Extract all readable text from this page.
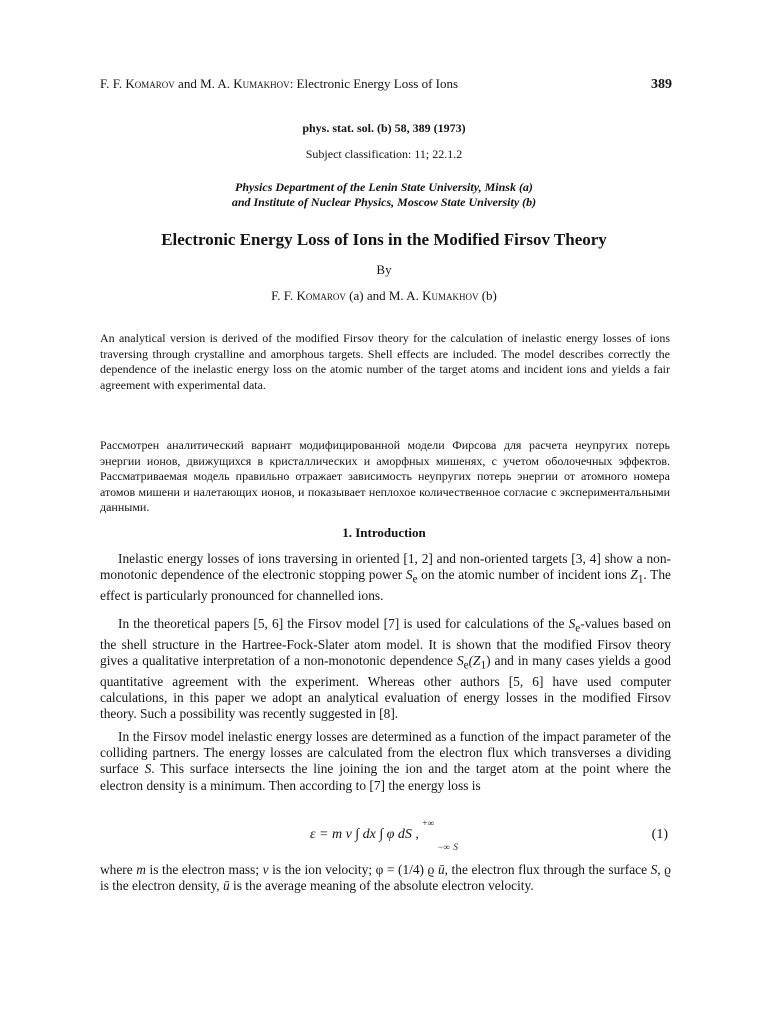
F. F. Komarov and M. A. Kumakhov: Electronic Energy Loss of Ions	389
phys. stat. sol. (b) 58, 389 (1973)
Subject classification: 11; 22.1.2
Physics Department of the Lenin State University, Minsk (a)
and Institute of Nuclear Physics, Moscow State University (b)
Electronic Energy Loss of Ions in the Modified Firsov Theory
By
F. F. Komarov (a) and M. A. Kumakhov (b)

An analytical version is derived of the modified Firsov theory for the calculation of inelastic energy losses of ions traversing through crystalline and amorphous targets. Shell effects are included. The model describes correctly the dependence of the inelastic energy loss on the atomic number of the target atoms and incident ions and yields a fair agreement with experimental data.

Рассмотрен аналитический вариант модифицированной модели Фирсова для расчета неупругих потерь энергии ионов, движущихся в кристаллических и аморфных мишенях, с учетом оболочечных эффектов. Рассматриваемая модель правильно отражает зависимость неупругих потерь энергии от атомного номера атомов мишени и налетающих ионов, и показывает неплохое количественное согласие с экспериментальными данными.

1. Introduction

Inelastic energy losses of ions traversing in oriented [1, 2] and non-oriented targets [3, 4] show a non-monotonic dependence of the electronic stopping power $S_e$ on the atomic number of incident ions $Z_1$. The effect is particularly pronounced for channelled ions.

In the theoretical papers [5, 6] the Firsov model [7] is used for calculations of the $S_e$-values based on the shell structure in the Hartree-Fock-Slater atom model. It is shown that the modified Firsov theory gives a qualitative interpretation of a non-monotonic dependence $S_e(Z_1)$ and in many cases yields a good quantitative agreement with the experiment. Whereas other authors [5, 6] have used computer calculations, in this paper we adopt an analytical evaluation of energy losses in the modified Firsov theory. Such a possibility was recently suggested in [8].

In the Firsov model inelastic energy losses are determined as a function of the impact parameter of the colliding partners. The energy losses are calculated from the electron flux which transverses a dividing surface S. This surface intersects the line joining the ion and the target atom at the point where the electron density is a minimum. Then according to [7] the energy loss is

ε = m v ∫ dx ∫ φ dS , +∞ $_{-\infty}$ $_S$
(1)

where m is the electron mass; v is the ion velocity; φ = (1/4) ϱ ū, the electron flux through the surface S, ϱ is the electron density, ū is the average meaning of the absolute electron velocity.
